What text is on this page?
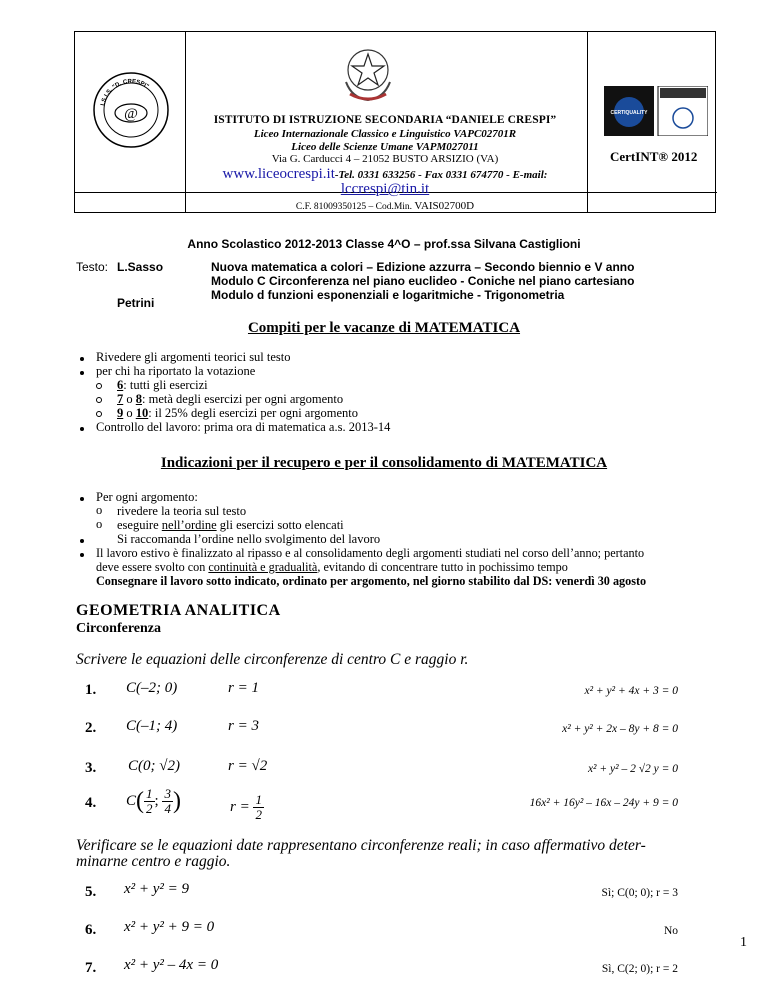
I.S.I.S. "D. CRESPI"
@	CERTIQUALITY
ISTITUTO DI ISTRUZIONE SECONDARIA “DANIELE CRESPI”
Liceo Internazionale Classico e Linguistico VAPC02701R
Liceo delle Scienze Umane VAPM027011
Via G. Carducci 4 – 21052 BUSTO ARSIZIO (VA)
www.liceocrespi.it-Tel. 0331 633256 - Fax 0331 674770 - E-mail:
lccrespi@tin.it
C.F. 81009350125 – Cod.Min. VAIS02700D
CertINT® 2012
Anno Scolastico 2012-2013 Classe 4^O – prof.ssa Silvana Castiglioni
Testo: L.Sasso	Nuova matematica a colori – Edizione azzurra – Secondo biennio e V anno
Modulo C Circonferenza nel piano euclideo - Coniche nel piano cartesiano
Modulo d funzioni esponenziali e logaritmiche - Trigonometria
Petrini
Compiti per le vacanze di MATEMATICA
Rivedere gli argomenti teorici sul testo
per chi ha riportato la votazione
6: tutti gli esercizi
7 o 8: metà degli esercizi per ogni argomento
9 o 10: il 25% degli esercizi per ogni argomento
Controllo del lavoro: prima ora di matematica a.s. 2013-14
Indicazioni per il recupero e per il consolidamento di MATEMATICA
Per ogni argomento:
o rivedere la teoria sul testo
o eseguire nell’ordine gli esercizi sotto elencati
Si raccomanda l’ordine nello svolgimento del lavoro
Il lavoro estivo è finalizzato al ripasso e al consolidamento degli argomenti studiati nel corso dell’anno; pertanto
deve essere svolto con continuità e gradualità, evitando di concentrare tutto in pochissimo tempo
Consegnare il lavoro sotto indicato, ordinato per argomento, nel giorno stabilito dal DS: venerdì 30 agosto
GEOMETRIA ANALITICA
Circonferenza
Scrivere le equazioni delle circonferenze di centro C e raggio r.
1. C(–2; 0)	r = 1	x² + y² + 4x + 3 = 0
2. C(–1; 4)	r = 3	x² + y² + 2x – 8y + 8 = 0
3. C(0; √2)	r = √2	x² + y² – 2 √2 y = 0
4. $C( \frac{1}{2}$ ; $\frac{3}{4}$ )	$r = \frac{1}{2}$	16x² + 16y² – 16x – 24y + 9 = 0
Verificare se le equazioni date rappresentano circonferenze reali; in caso affermativo deter-
minarne centro e raggio.
5. x² + y² = 9	Sì; C(0; 0); r = 3
6. x² + y² + 9 = 0	No
1
7. x² + y² – 4x = 0	Sì, C(2; 0); r = 2
